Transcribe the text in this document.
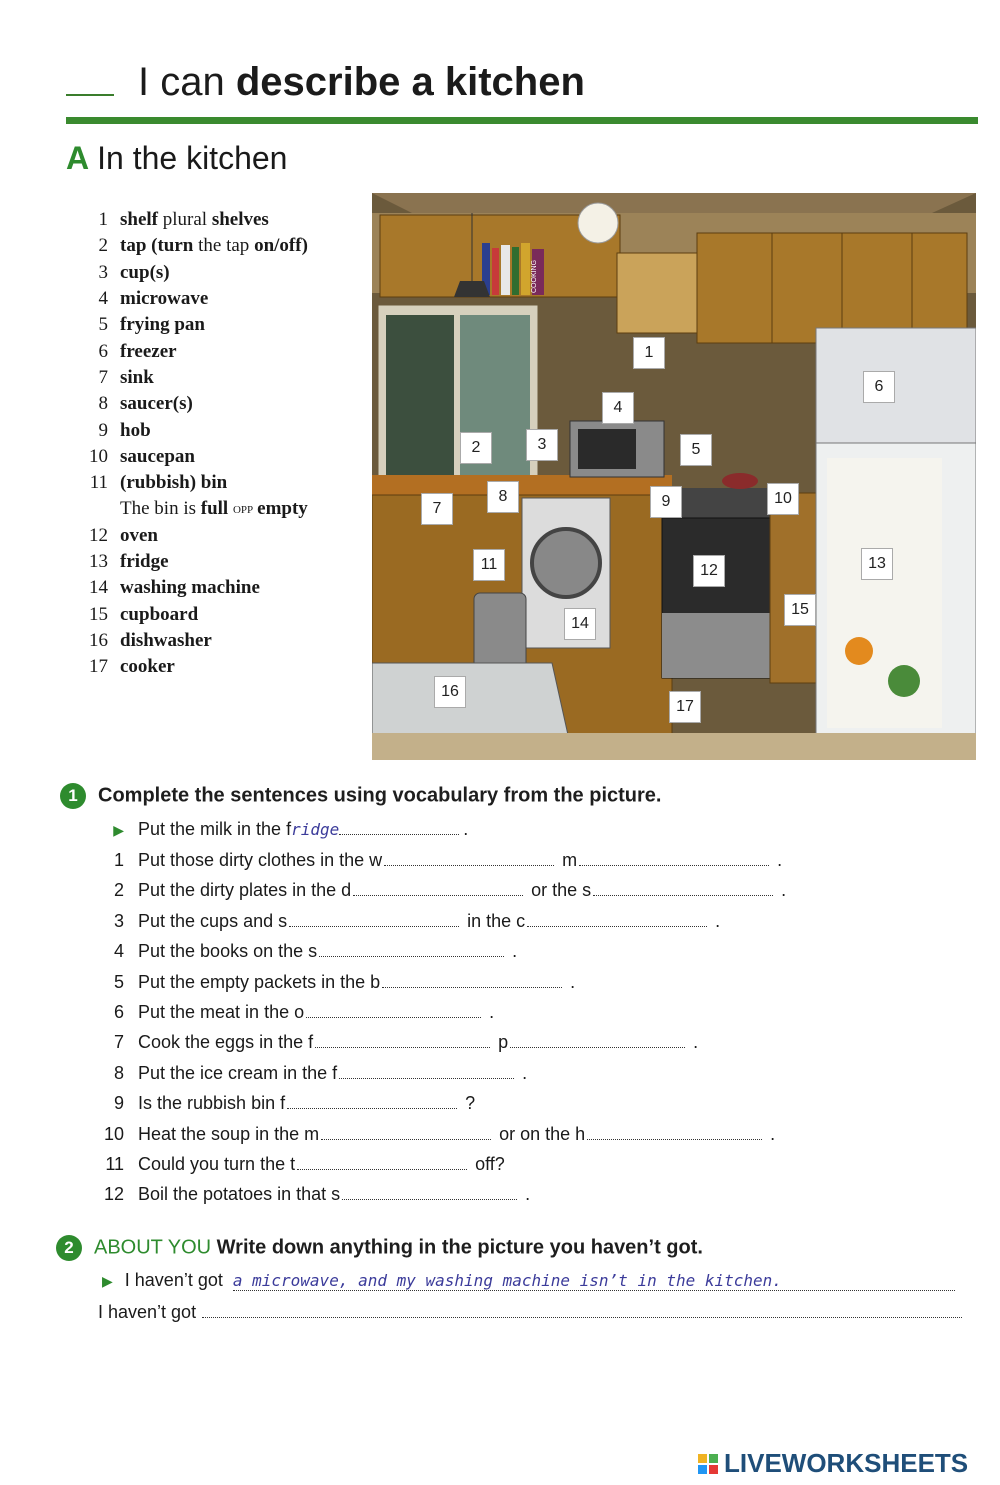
I can describe a kitchen
A In the kitchen
1 shelf plural shelves
2 tap (turn the tap on/off)
3 cup(s)
4 microwave
5 frying pan
6 freezer
7 sink
8 saucer(s)
9 hob
10 saucepan
11 (rubbish) bin
The bin is full opp empty
12 oven
13 fridge
14 washing machine
15 cupboard
16 dishwasher
17 cooker
COOKING
1
2	3
4
5
6
7
8	9	10
11	12	13
14
15
16
17
1 Complete the sentences using vocabulary from the picture.
▶ Put the milk in the f ridge	.
1 Put those dirty clothes in the w	m	.
2 Put the dirty plates in the d	or the s	.
3 Put the cups and s	in the c	.
4 Put the books on the s	.
5 Put the empty packets in the b	.
6 Put the meat in the o	.
7 Cook the eggs in the f	p	.
8 Put the ice cream in the f	.
9 Is the rubbish bin f	?
10 Heat the soup in the m	or on the h	.
11 Could you turn the t	off?
12 Boil the potatoes in that s	.
2 ABOUT YOU Write down anything in the picture you haven’t got.
▶ I haven’t got a microwave, and my washing machine isn’t in the kitchen.
I haven’t got
LIVEWORKSHEETS
